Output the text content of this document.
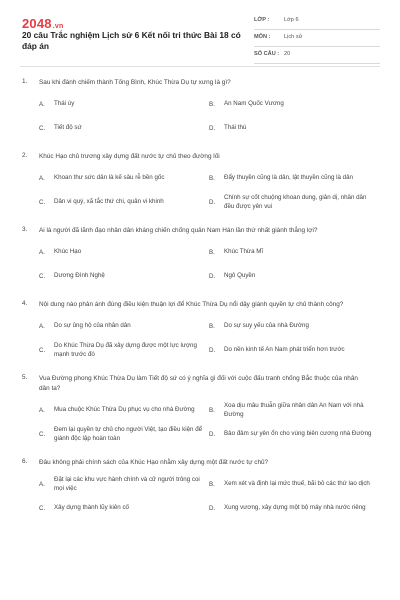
2048.vn
20 câu Trắc nghiệm Lịch sử 6 Kết nối tri thức Bài 18 có đáp án
LỚP :	Lớp 6
MÔN : Lịch sử
SỐ CÂU : 20
1. Sau khi đánh chiếm thành Tống Bình, Khúc Thừa Dụ tự xưng là gì?
A.	Thái úy	B.	An Nam Quốc Vương
C.	Tiết độ sứ	D.	Thái thú
2. Khúc Hạo chủ trương xây dựng đất nước tự chủ theo đường lối
A.	Khoan thư sức dân là kế sâu rễ bền gốc	B.	Đẩy thuyền cũng là dân, lật thuyền cũng là dân
C.	Dân vi quý, xã tắc thứ chi, quân vi khinh	D.
Chính sự cốt chuộng khoan dung, giản dị, nhân dân đều được yên vui
3. Ai là người đã lãnh đạo nhân dân kháng chiến chống quân Nam Hán lần thứ nhất giành thắng lợi?
A.	Khúc Hạo	B.	Khúc Thừa Mĩ
C.	Dương Đình Nghệ	D.	Ngô Quyền
4. Nội dung nào phản ánh đúng điều kiện thuận lợi để Khúc Thừa Dụ nổi dậy giành quyền tự chủ thành công?
A.	Do sự ủng hộ của nhân dân	B.	Do sự suy yếu của nhà Đường
C.
Do Khúc Thừa Dụ đã xây dựng được một lực lượng mạnh trước đó
D.	Do nền kinh tế An Nam phát triển hơn trước
5. Vua Đường phong Khúc Thừa Dụ làm Tiết độ sứ có ý nghĩa gì đối với cuộc đấu tranh chống Bắc thuộc của nhân dân ta?
A.	Mua chuộc Khúc Thừa Dụ phục vụ cho nhà Đường	B.
Xoa dịu mâu thuẫn giữa nhân dân An Nam với nhà Đường
C.
Đem lại quyền tự chủ cho người Việt, tạo điều kiện để giành độc lập hoàn toàn
D.	Bảo đảm sự yên ổn cho vùng biên cương nhà Đường
6. Đâu không phải chính sách của Khúc Hạo nhằm xây dựng một đất nước tự chủ?
A.
Đặt lại các khu vực hành chính và cử người trông coi mọi việc
B.	Xem xét và định lại mức thuế, bãi bỏ các thứ lao dịch
C.	Xây dựng thành lũy kiên cố	D.	Xung vương, xây dựng một bộ máy nhà nước riêng
